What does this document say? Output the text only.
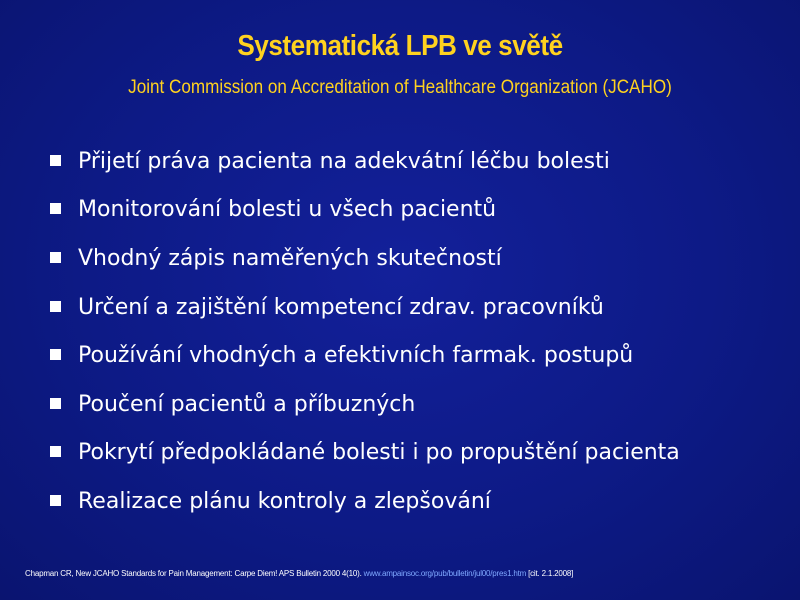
Systematická LPB ve světě
Joint Commission on Accreditation of Healthcare Organization (JCAHO)
Přijetí práva pacienta na adekvátní léčbu bolesti
Monitorování bolesti u všech pacientů
Vhodný zápis naměřených skutečností
Určení a zajištění kompetencí zdrav. pracovníků
Používání vhodných a efektivních farmak. postupů
Poučení pacientů a příbuzných
Pokrytí předpokládané bolesti i po propuštění pacienta
Realizace plánu kontroly a zlepšování
Chapman CR, New JCAHO Standards for Pain Management: Carpe Diem! APS Bulletin 2000 4(10). www.ampainsoc.org/pub/bulletin/jul00/pres1.htm [cit. 2.1.2008]
